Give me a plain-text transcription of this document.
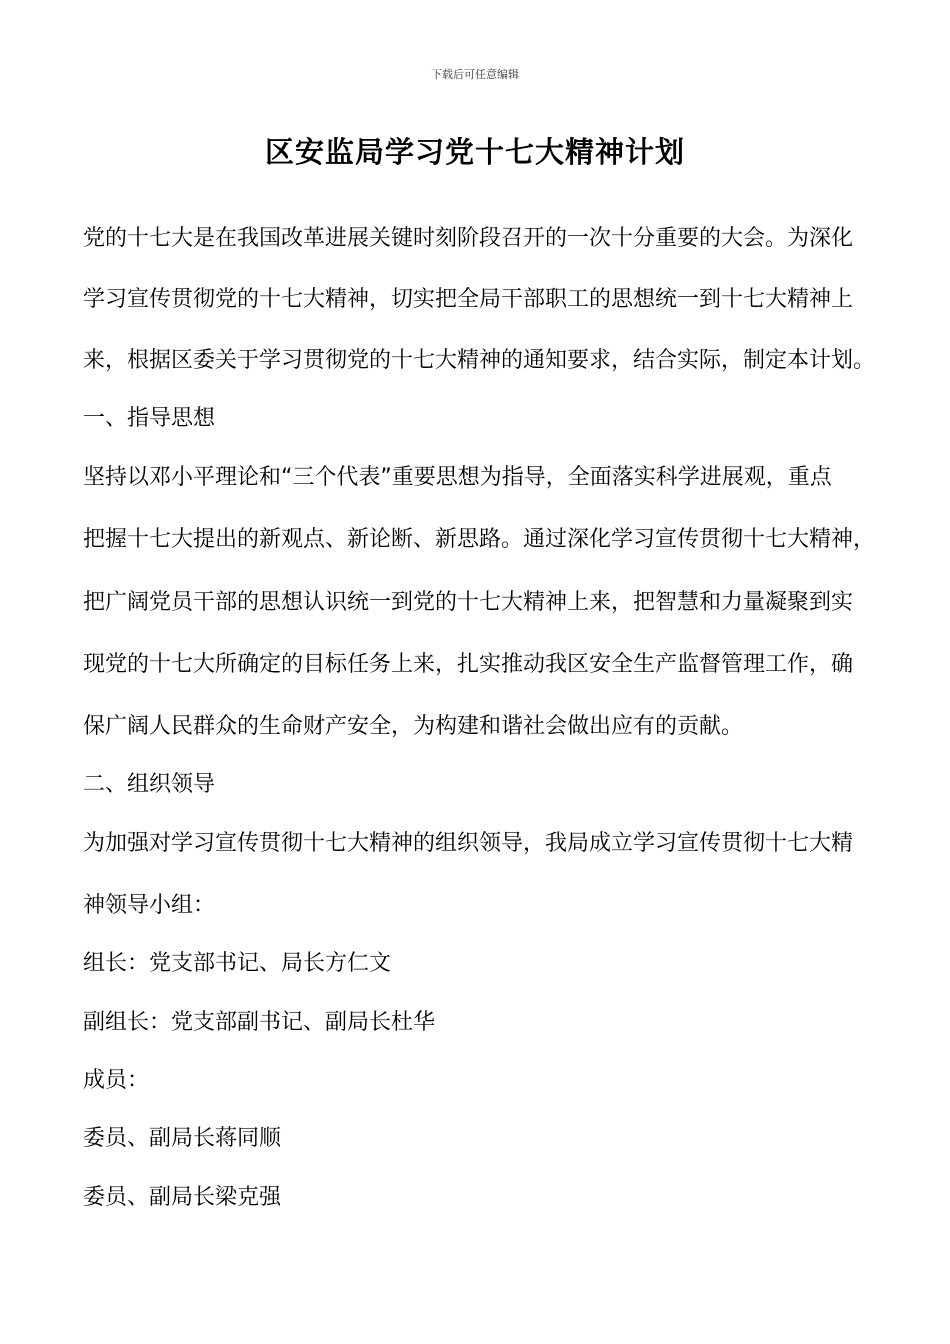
下载后可任意编辑
区安监局学习党十七大精神计划
党的十七大是在我国改革进展关键时刻阶段召开的一次十分重要的大会。为深化
学习宣传贯彻党的十七大精神，切实把全局干部职工的思想统一到十七大精神上
来，根据区委关于学习贯彻党的十七大精神的通知要求，结合实际，制定本计划。
一、指导思想
坚持以邓小平理论和“三个代表”重要思想为指导，全面落实科学进展观，重点
把握十七大提出的新观点、新论断、新思路。通过深化学习宣传贯彻十七大精神，
把广阔党员干部的思想认识统一到党的十七大精神上来，把智慧和力量凝聚到实
现党的十七大所确定的目标任务上来，扎实推动我区安全生产监督管理工作，确
保广阔人民群众的生命财产安全，为构建和谐社会做出应有的贡献。
二、组织领导
为加强对学习宣传贯彻十七大精神的组织领导，我局成立学习宣传贯彻十七大精
神领导小组：
组长：党支部书记、局长方仁文
副组长：党支部副书记、副局长杜华
成员：
委员、副局长蒋同顺
委员、副局长梁克强
